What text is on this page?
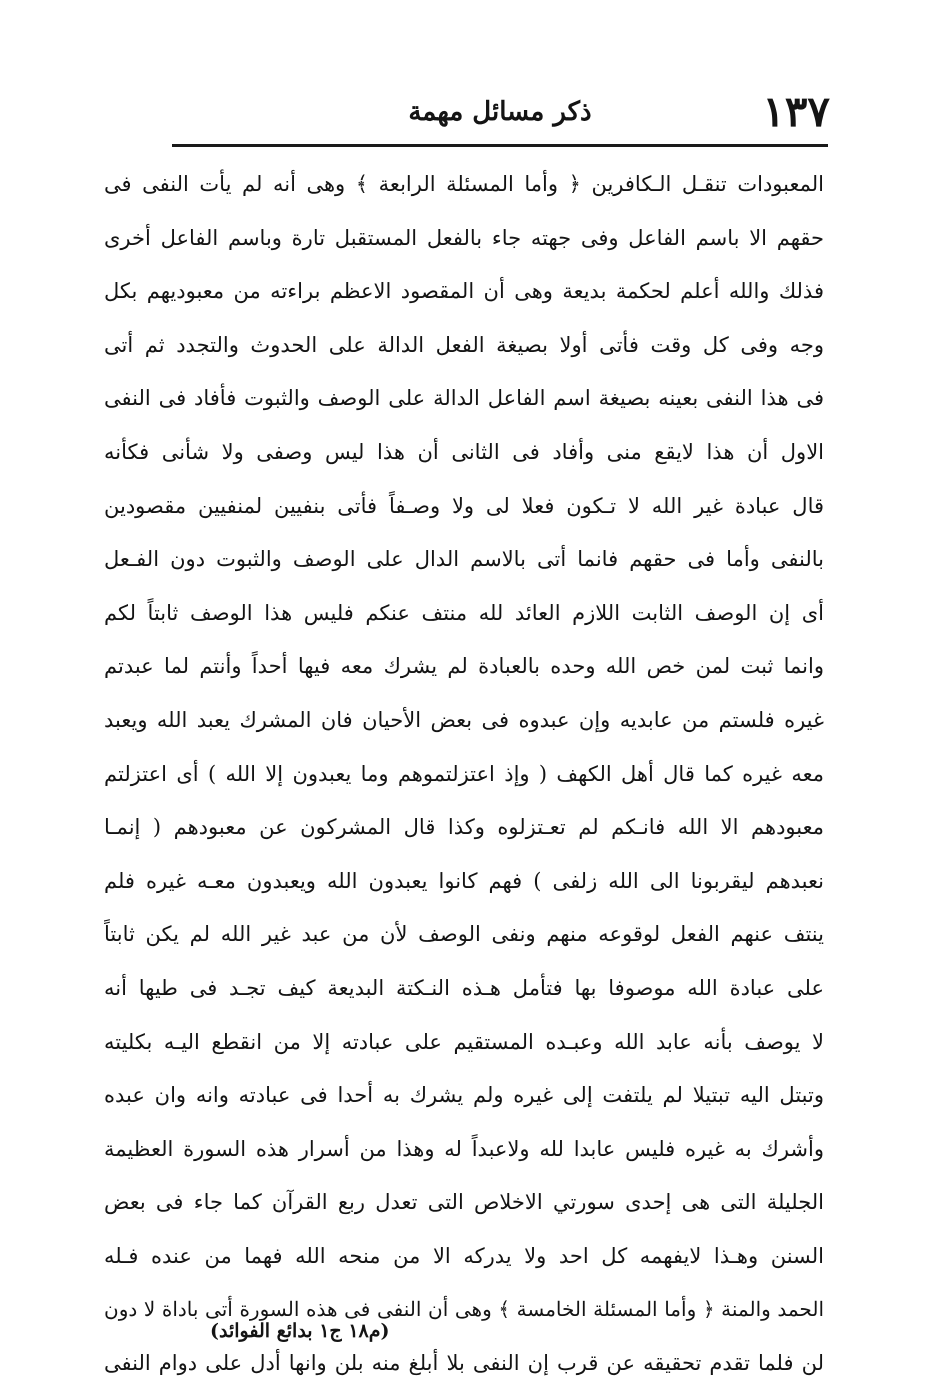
١٣٧
ذكر مسائل مهمة
المعبودات تنقـل الـكافرين ﴿ وأما المسئلة الرابعة ﴾ وهى أنه لم يأت النفى فى
حقهم الا باسم الفاعل وفى جهته جاء بالفعل المستقبل تارة وباسم الفاعل أخرى
فذلك والله أعلم لحكمة بديعة وهى أن المقصود الاعظم براءته من معبوديهم بكل
وجه وفى كل وقت فأتى أولا بصيغة الفعل الدالة على الحدوث والتجدد ثم أتى
فى هذا النفى بعينه بصيغة اسم الفاعل الدالة على الوصف والثبوت فأفاد فى النفى
الاول أن هذا لايقع منى وأفاد فى الثانى أن هذا ليس وصفى ولا شأنى فكأنه
قال عبادة غير الله لا تـكون فعلا لى ولا وصـفاً فأتى بنفيين لمنفيين مقصودين
بالنفى وأما فى حقهم فانما أتى بالاسم الدال على الوصف والثبوت دون الفـعل
أى إن الوصف الثابت اللازم العائد لله منتف عنكم فليس هذا الوصف ثابتاً لكم
وانما ثبت لمن خص الله وحده بالعبادة لم يشرك معه فيها أحداً وأنتم لما عبدتم
غيره فلستم من عابديه وإن عبدوه فى بعض الأحيان فان المشرك يعبد الله ويعبد
معه غيره كما قال أهل الكهف ( وإذ اعتزلتموهم وما يعبدون إلا الله ) أى اعتزلتم
معبودهم الا الله فانـكم لم تعـتزلوه وكذا قال المشركون عن معبودهم ( إنمـا
نعبدهم ليقربونا الى الله زلفى ) فهم كانوا يعبدون الله ويعبدون معـه غيره فلم
ينتف عنهم الفعل لوقوعه منهم ونفى الوصف لأن من عبد غير الله لم يكن ثابتاً
على عبادة الله موصوفا بها فتأمل هـذه النـكتة البديعة كيف تجـد فى طيها أنه
لا يوصف بأنه عابد الله وعبـده المستقيم على عبادته إلا من انقطع اليـه بكليته
وتبتل اليه تبتيلا لم يلتفت إلى غيره ولم يشرك به أحدا فى عبادته وانه وان عبده
وأشرك به غيره فليس عابدا لله ولاعبداً له وهذا من أسرار هذه السورة العظيمة
الجليلة التى هى إحدى سورتي الاخلاص التى تعدل ربع القرآن كما جاء فى بعض
السنن وهـذا لايفهمه كل احد ولا يدركه الا من منحه الله فهما من عنده فـله
الحمد والمنة ﴿ وأما المسئلة الخامسة ﴾ وهى أن النفى فى هذه السورة أتى باداة لا دون
لن فلما تقدم تحقيقه عن قرب إن النفى بلا أبلغ منه بلن وانها أدل على دوام النفى
(م١٨ ج١ بدائع الفوائد)
